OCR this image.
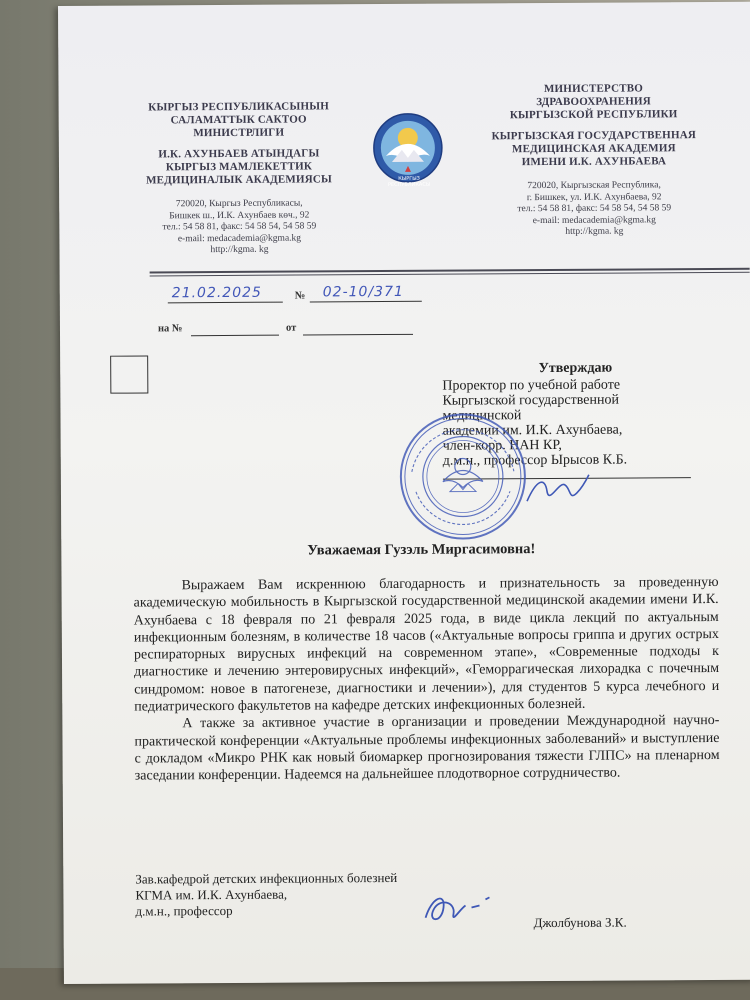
КЫРГЫЗ РЕСПУБЛИКАСЫНЫН
САЛАМАТТЫК САКТОО
МИНИСТРЛИГИ
И.К. АХУНБАЕВ АТЫНДАГЫ
КЫРГЫЗ МАМЛЕКЕТТИК
МЕДИЦИНАЛЫК АКАДЕМИЯСЫ
720020, Кыргыз Республикасы,
Бишкек ш., И.К. Ахунбаев көч., 92
тел.: 54 58 81, факс: 54 58 54, 54 58 59
e-mail: medacademia@kgma.kg
http://kgma. kg
КЫРГЫЗ РЕСПУБЛИКАСЫ
МИНИСТЕРСТВО
ЗДРАВООХРАНЕНИЯ
КЫРГЫЗСКОЙ РЕСПУБЛИКИ
КЫРГЫЗСКАЯ ГОСУДАРСТВЕННАЯ
МЕДИЦИНСКАЯ АКАДЕМИЯ
ИМЕНИ И.К. АХУНБАЕВА
720020, Кыргызская Республика,
г. Бишкек, ул. И.К. Ахунбаева, 92
тел.: 54 58 81, факс: 54 58 54, 54 58 59
e-mail: medacademia@kgma.kg
http://kgma. kg
21.02.2025	№ 02-10/371
на №	от
Утверждаю
Проректор по учебной работе
Кыргызской государственной
медицинской
академии им. И.К. Ахунбаева,
член-корр. НАН КР,
д.м.н., профессор Ырысов К.Б.
Уважаемая Гузэль Миргасимовна!

Выражаем Вам искреннюю благодарность и признательность за проведенную академическую мобильность в Кыргызской государственной медицинской академии имени И.К. Ахунбаева с 18 февраля по 21 февраля 2025 года, в виде цикла лекций по актуальным инфекционным болезням, в количестве 18 часов («Актуальные вопросы гриппа и других острых респираторных вирусных инфекций на современном этапе», «Современные подходы к диагностике и лечению энтеровирусных инфекций», «Геморрагическая лихорадка с почечным синдромом: новое в патогенезе, диагностики и лечении»), для студентов 5 курса лечебного и педиатрического факультетов на кафедре детских инфекционных болезней.

А также за активное участие в организации и проведении Международной научно-практической конференции «Актуальные проблемы инфекционных заболеваний» и выступление с докладом «Микро РНК как новый биомаркер прогнозирования тяжести ГЛПС» на пленарном заседании конференции. Надеемся на дальнейшее плодотворное сотрудничество.

Зав.кафедрой детских инфекционных болезней
КГМА им. И.К. Ахунбаева,
д.м.н., профессор
Джолбунова З.К.
